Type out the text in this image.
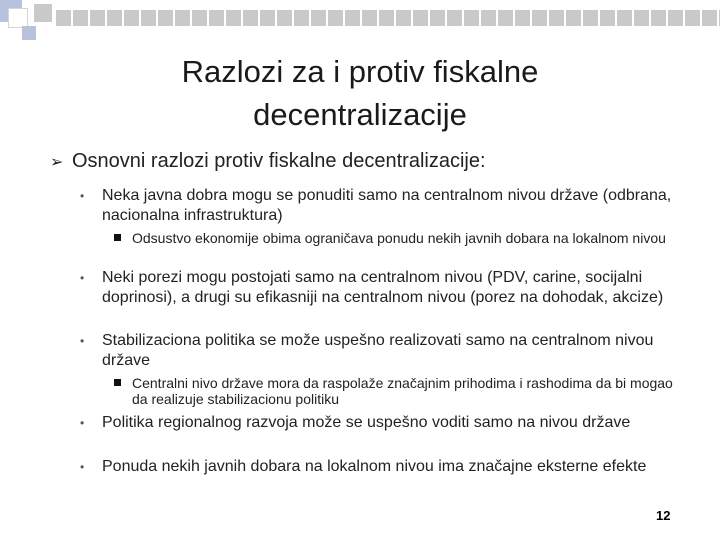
Razlozi za i protiv fiskalne
decentralizacije
➢ Osnovni razlozi protiv fiskalne decentralizacije:
• Neka javna dobra mogu se ponuditi samo na centralnom nivou države (odbrana, nacionalna infrastruktura)
Odsustvo ekonomije obima ograničava ponudu nekih javnih dobara na lokalnom nivou
• Neki porezi mogu postojati samo na centralnom nivou (PDV, carine, socijalni doprinosi), a drugi su efikasniji na centralnom nivou (porez na dohodak, akcize)
• Stabilizaciona politika se može uspešno realizovati samo na centralnom nivou države
Centralni nivo države mora da raspolaže značajnim prihodima i rashodima da bi mogao da realizuje stabilizacionu politiku
• Politika regionalnog razvoja može se uspešno voditi samo na nivou države
• Ponuda nekih javnih dobara na lokalnom nivou ima značajne eksterne efekte
12
